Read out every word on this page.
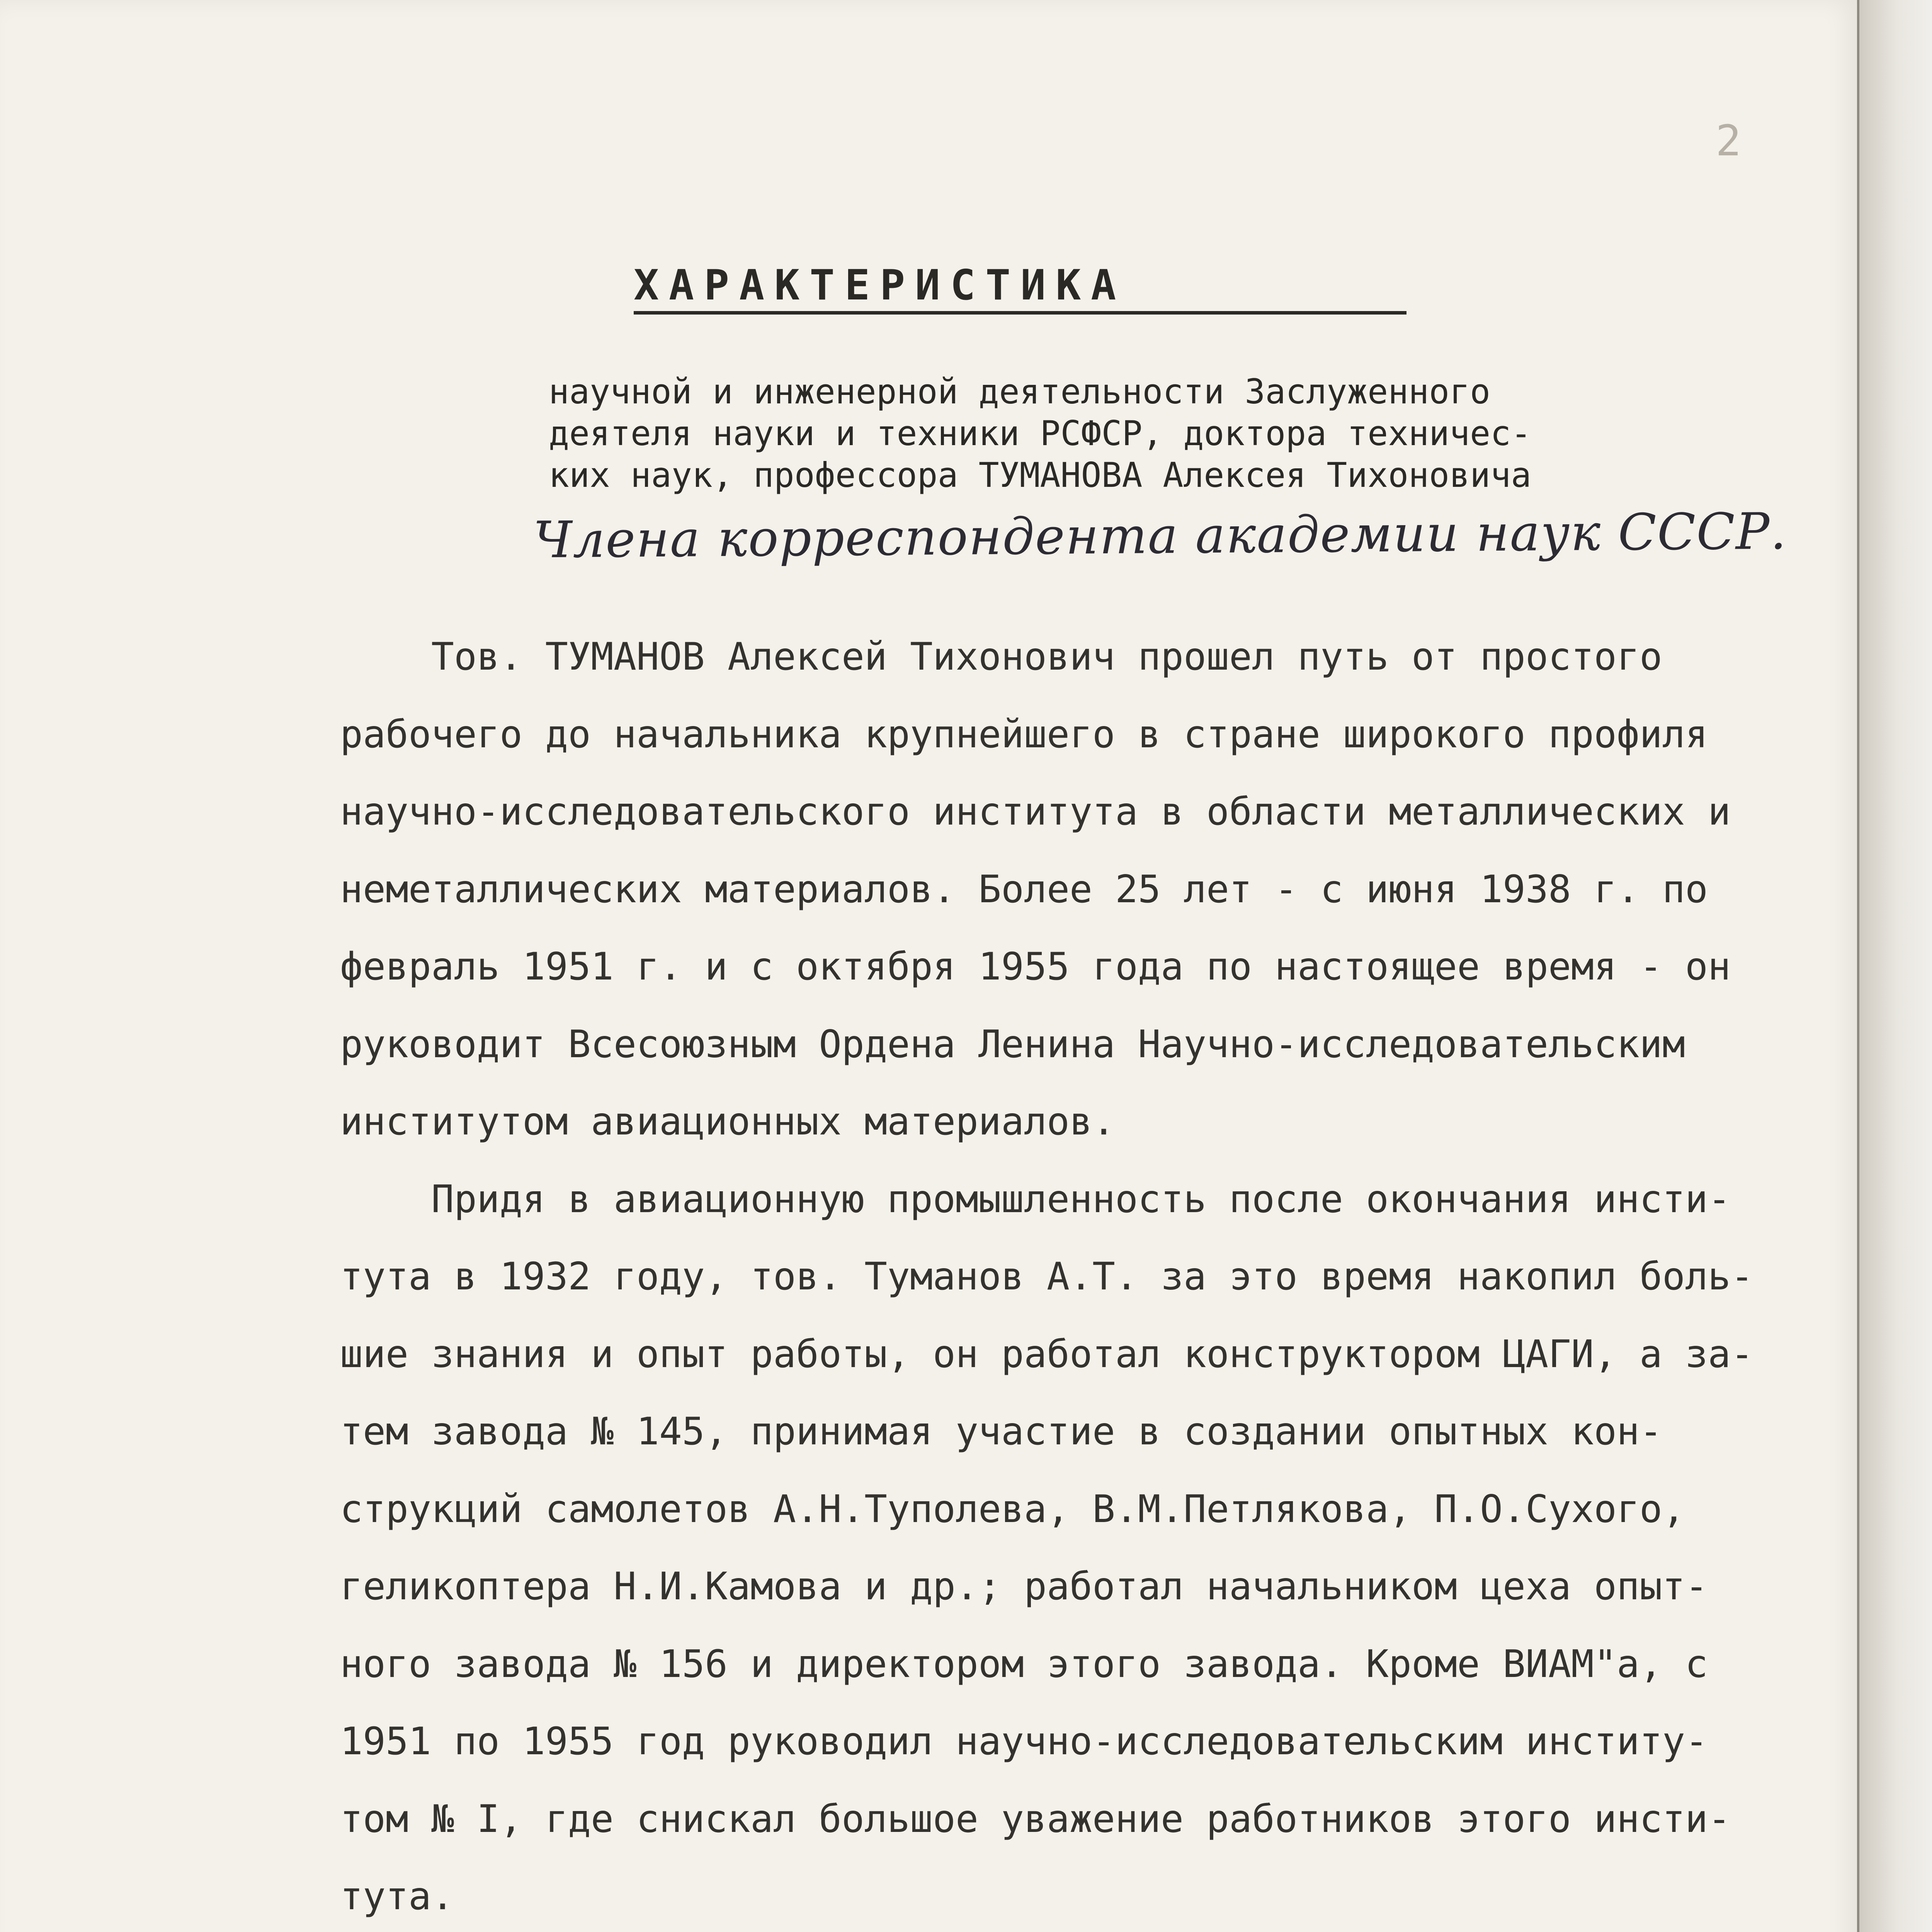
2
ХАРАКТЕРИСТИКА
научной и инженерной деятельности Заслуженного
деятеля науки и техники РСФСР, доктора техничес-
ких наук, профессора ТУМАНОВА Алексея Тихоновича
Члена корреспондента академии наук СССР.
Тов. ТУМАНОВ Алексей Тихонович прошел путь от простого
рабочего до начальника крупнейшего в стране широкого профиля
научно-исследовательского института в области металлических и
неметаллических материалов. Более 25 лет - с июня 1938 г. по
февраль 1951 г. и с октября 1955 года по настоящее время - он
руководит Всесоюзным Ордена Ленина Научно-исследовательским
институтом авиационных материалов.
Придя в авиационную промышленность после окончания инсти-
тута в 1932 году, тов. Туманов А.Т. за это время накопил боль-
шие знания и опыт работы, он работал конструктором ЦАГИ, а за-
тем завода № 145, принимая участие в создании опытных кон-
струкций самолетов А.Н.Туполева, В.М.Петлякова, П.О.Сухого,
геликоптера Н.И.Камова и др.; работал начальником цеха опыт-
ного завода № 156 и директором этого завода. Кроме ВИАМ"а, с
1951 по 1955 год руководил научно-исследовательским институ-
том № I, где снискал большое уважение работников этого инсти-
тута.
